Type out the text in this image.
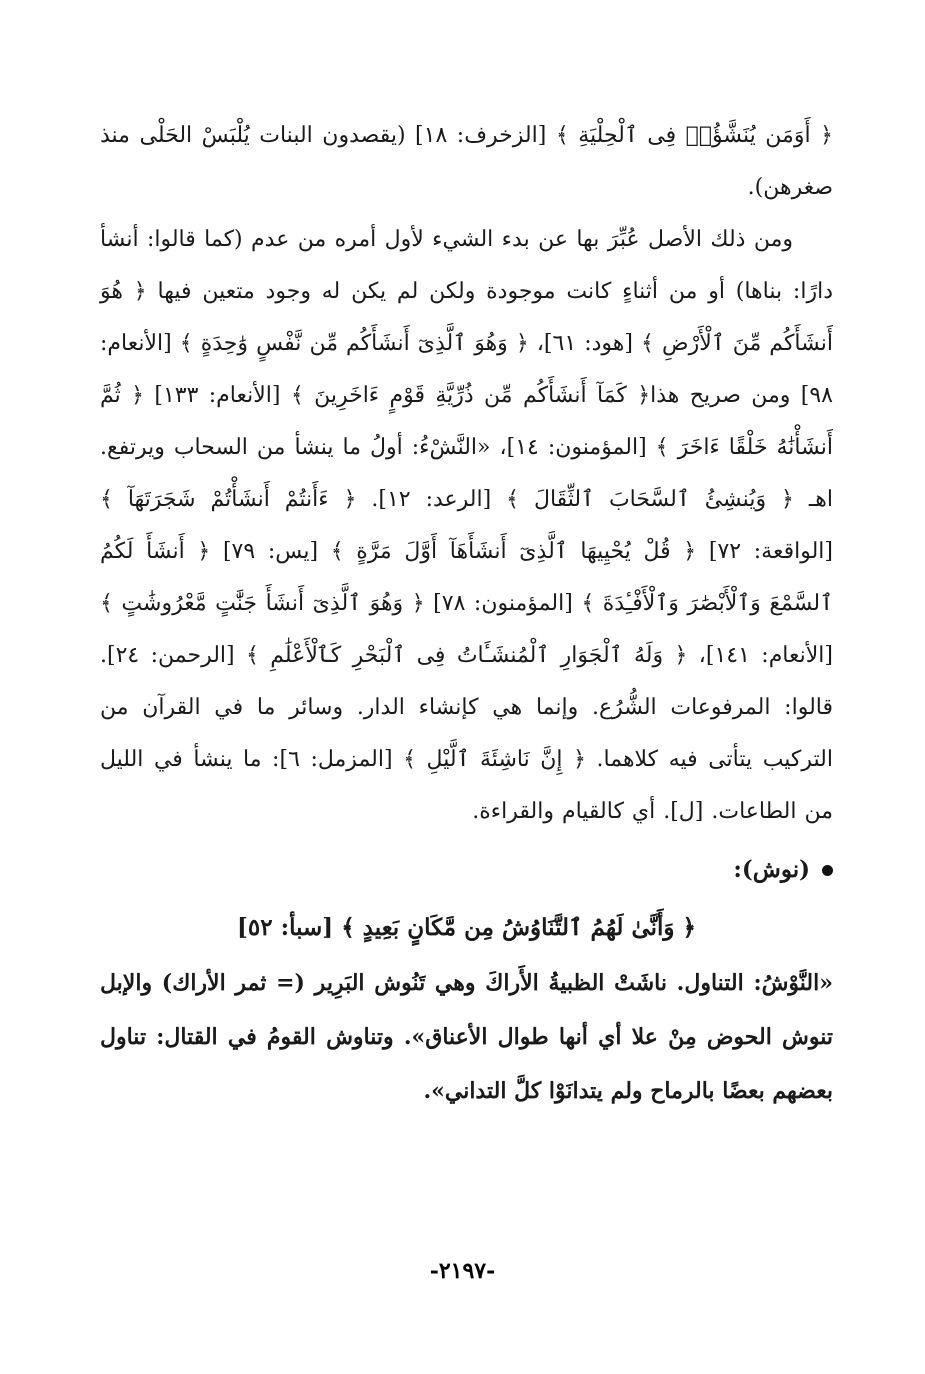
﴿ أَوَمَن يُنَشَّؤُا۟ فِى ٱلْحِلْيَةِ ﴾ [الزخرف: ١٨] (يقصدون البنات يُلْبَسْ الحَلْى منذ صغرهن).

ومن ذلك الأصل عُبِّرَ بها عن بدء الشيء لأول أمره من عدم (كما قالوا: أنشأ دارًا: بناها) أو من أثناءٍ كانت موجودة ولكن لم يكن له وجود متعين فيها ﴿ هُوَ أَنشَأَكُم مِّنَ ٱلْأَرْضِ ﴾ [هود: ٦١]، ﴿ وَهُوَ ٱلَّذِىٓ أَنشَأَكُم مِّن نَّفْسٍ وَٰحِدَةٍ ﴾ [الأنعام: ٩٨] ومن صريح هذا﴿ كَمَآ أَنشَأَكُم مِّن ذُرِّيَّةِ قَوْمٍ ءَاخَرِينَ ﴾ [الأنعام: ١٣٣] ﴿ ثُمَّ أَنشَأْنَٰهُ خَلْقًا ءَاخَرَ ﴾ [المؤمنون: ١٤]، «النَّشْءُ: أولُ ما ينشأ من السحاب ويرتفع. اهـ ﴿ وَيُنشِئُ ٱلسَّحَابَ ٱلثِّقَالَ ﴾ [الرعد: ١٢]. ﴿ ءَأَنتُمْ أَنشَأْتُمْ شَجَرَتَهَآ ﴾ [الواقعة: ٧٢] ﴿ قُلْ يُحْيِيهَا ٱلَّذِىٓ أَنشَأَهَآ أَوَّلَ مَرَّةٍ ﴾ [يس: ٧٩] ﴿ أَنشَأَ لَكُمُ ٱلسَّمْعَ وَٱلْأَبْصَٰرَ وَٱلْأَفْـِٔدَةَ ﴾ [المؤمنون: ٧٨] ﴿ وَهُوَ ٱلَّذِىٓ أَنشَأَ جَنَّٰتٍ مَّعْرُوشَٰتٍ ﴾ [الأنعام: ١٤١]، ﴿ وَلَهُ ٱلْجَوَارِ ٱلْمُنشَـَٔاتُ فِى ٱلْبَحْرِ كَٱلْأَعْلَٰمِ ﴾ [الرحمن: ٢٤]. قالوا: المرفوعات الشُّرُع. وإنما هي كإنشاء الدار. وسائر ما في القرآن من التركيب يتأتى فيه كلاهما. ﴿ إِنَّ نَاشِئَةَ ٱلَّيْلِ ﴾ [المزمل: ٦]: ما ينشأ في الليل من الطاعات. [ل]. أي كالقيام والقراءة.

(نوش):

﴿ وَأَنَّىٰ لَهُمُ ٱلتَّنَاوُشُ مِن مَّكَانٍ بَعِيدٍ ﴾ [سبأ: ٥٢]

«النَّوْشُ: التناول. ناشَتْ الظبيةُ الأَراكَ وهي تَنُوش البَرِير (= ثمر الأراك) والإبل تنوش الحوض مِنْ علا أي أنها طوال الأعناق». وتناوش القومُ في القتال: تناول بعضهم بعضًا بالرماح ولم يتدانَوْا كلَّ التداني».

-٢١٩٧-
